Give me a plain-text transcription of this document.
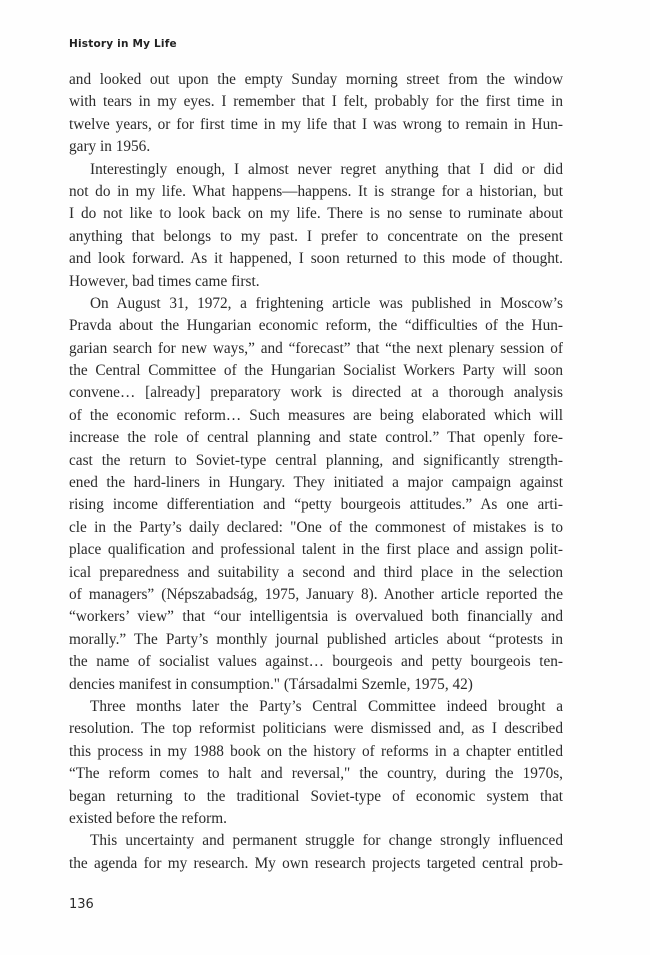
History in My Life
and looked out upon the empty Sunday morning street from the window
with tears in my eyes. I remember that I felt, probably for the first time in
twelve years, or for first time in my life that I was wrong to remain in Hun-
gary in 1956.
Interestingly enough, I almost never regret anything that I did or did
not do in my life. What happens—happens. It is strange for a historian, but
I do not like to look back on my life. There is no sense to ruminate about
anything that belongs to my past. I prefer to concentrate on the present
and look forward. As it happened, I soon returned to this mode of thought.
However, bad times came first.
On August 31, 1972, a frightening article was published in Moscow’s
Pravda about the Hungarian economic reform, the “difficulties of the Hun-
garian search for new ways,” and “forecast” that “the next plenary session of
the Central Committee of the Hungarian Socialist Workers Party will soon
convene… [already] preparatory work is directed at a thorough analysis
of the economic reform… Such measures are being elaborated which will
increase the role of central planning and state control.” That openly fore-
cast the return to Soviet-type central planning, and significantly strength-
ened the hard-liners in Hungary. They initiated a major campaign against
rising income differentiation and “petty bourgeois attitudes.” As one arti-
cle in the Party’s daily declared: "One of the commonest of mistakes is to
place qualification and professional talent in the first place and assign polit-
ical preparedness and suitability a second and third place in the selection
of managers” (Népszabadság, 1975, January 8). Another article reported the
“workers’ view” that “our intelligentsia is overvalued both financially and
morally.” The Party’s monthly journal published articles about “protests in
the name of socialist values against… bourgeois and petty bourgeois ten-
dencies manifest in consumption." (Társadalmi Szemle, 1975, 42)
Three months later the Party’s Central Committee indeed brought a
resolution. The top reformist politicians were dismissed and, as I described
this process in my 1988 book on the history of reforms in a chapter entitled
“The reform comes to halt and reversal," the country, during the 1970s,
began returning to the traditional Soviet-type of economic system that
existed before the reform.
This uncertainty and permanent struggle for change strongly influenced
the agenda for my research. My own research projects targeted central prob-
136
